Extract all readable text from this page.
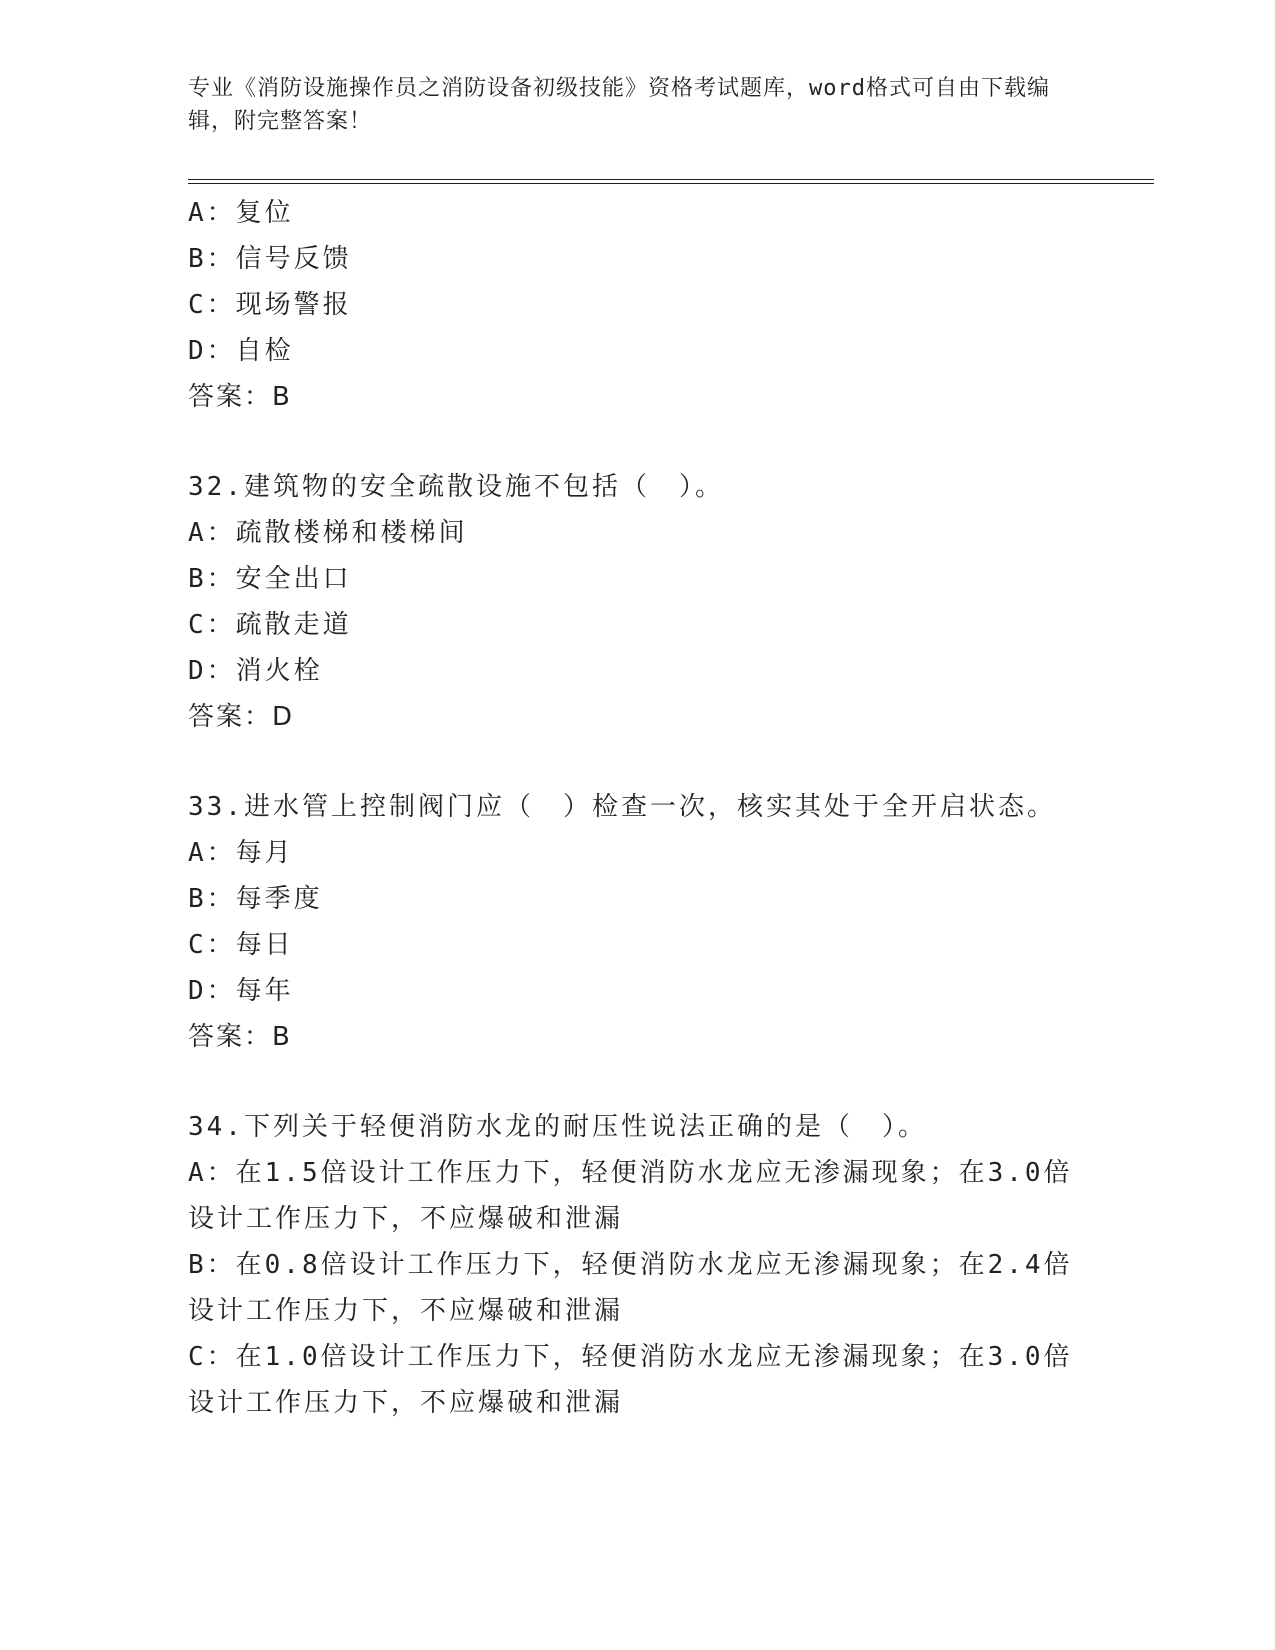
专业《消防设施操作员之消防设备初级技能》资格考试题库，word格式可自由下载编辑，附完整答案！
A：复位
B：信号反馈
C：现场警报
D：自检
答案：B
32.建筑物的安全疏散设施不包括（　）。
A：疏散楼梯和楼梯间
B：安全出口
C：疏散走道
D：消火栓
答案：D
33.进水管上控制阀门应（　）检查一次，核实其处于全开启状态。
A：每月
B：每季度
C：每日
D：每年
答案：B
34.下列关于轻便消防水龙的耐压性说法正确的是（　）。
A：在1.5倍设计工作压力下，轻便消防水龙应无渗漏现象；在3.0倍设计工作压力下，不应爆破和泄漏
B：在0.8倍设计工作压力下，轻便消防水龙应无渗漏现象；在2.4倍设计工作压力下，不应爆破和泄漏
C：在1.0倍设计工作压力下，轻便消防水龙应无渗漏现象；在3.0倍设计工作压力下，不应爆破和泄漏
